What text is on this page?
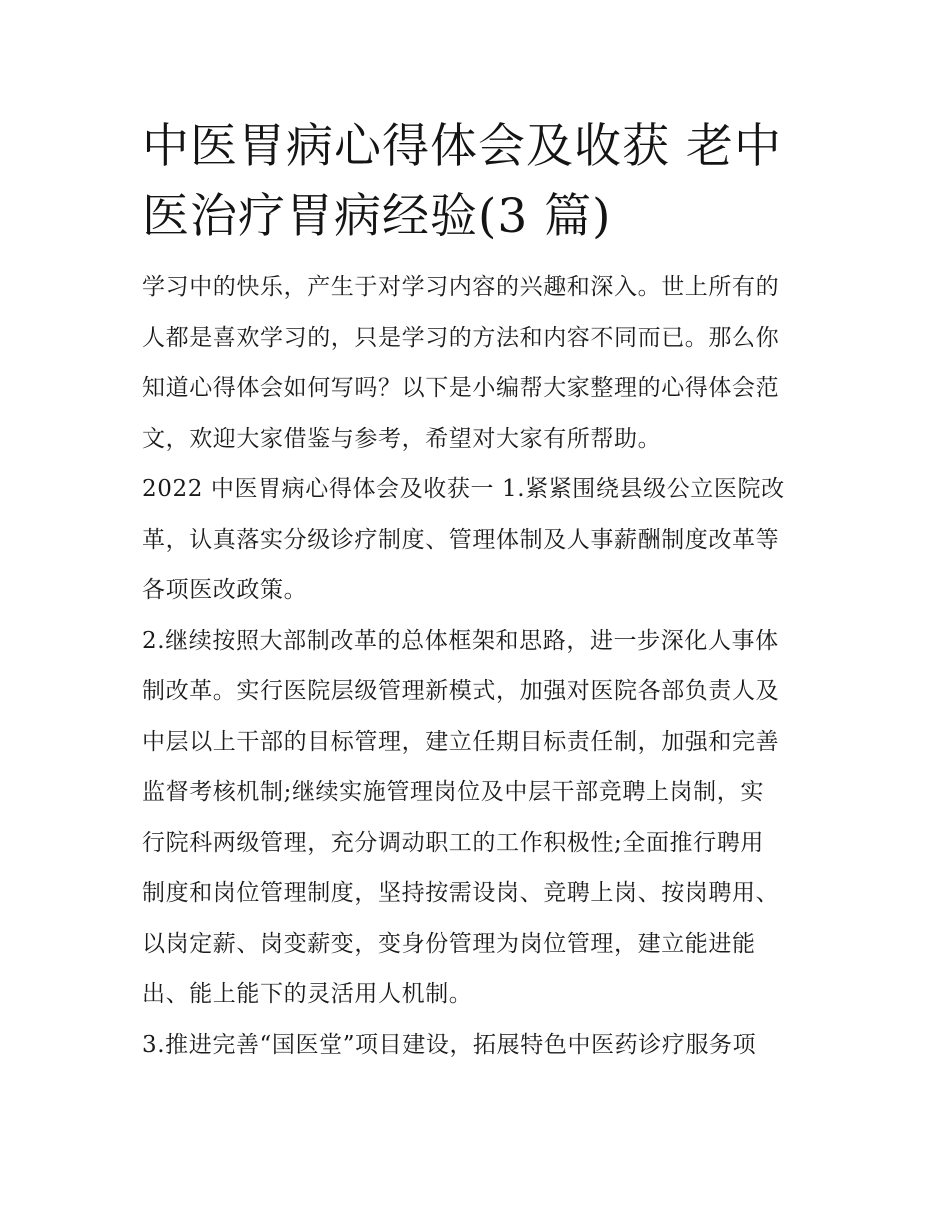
中医胃病心得体会及收获 老中
医治疗胃病经验(3 篇)
学习中的快乐，产生于对学习内容的兴趣和深入。世上所有的
人都是喜欢学习的，只是学习的方法和内容不同而已。那么你
知道心得体会如何写吗？以下是小编帮大家整理的心得体会范
文，欢迎大家借鉴与参考，希望对大家有所帮助。
2022 中医胃病心得体会及收获一 1.紧紧围绕县级公立医院改
革，认真落实分级诊疗制度、管理体制及人事薪酬制度改革等
各项医改政策。
2.继续按照大部制改革的总体框架和思路，进一步深化人事体
制改革。实行医院层级管理新模式，加强对医院各部负责人及
中层以上干部的目标管理，建立任期目标责任制，加强和完善
监督考核机制;继续实施管理岗位及中层干部竞聘上岗制，实
行院科两级管理，充分调动职工的工作积极性;全面推行聘用
制度和岗位管理制度，坚持按需设岗、竞聘上岗、按岗聘用、
以岗定薪、岗变薪变，变身份管理为岗位管理，建立能进能
出、能上能下的灵活用人机制。
3.推进完善“国医堂”项目建设，拓展特色中医药诊疗服务项
